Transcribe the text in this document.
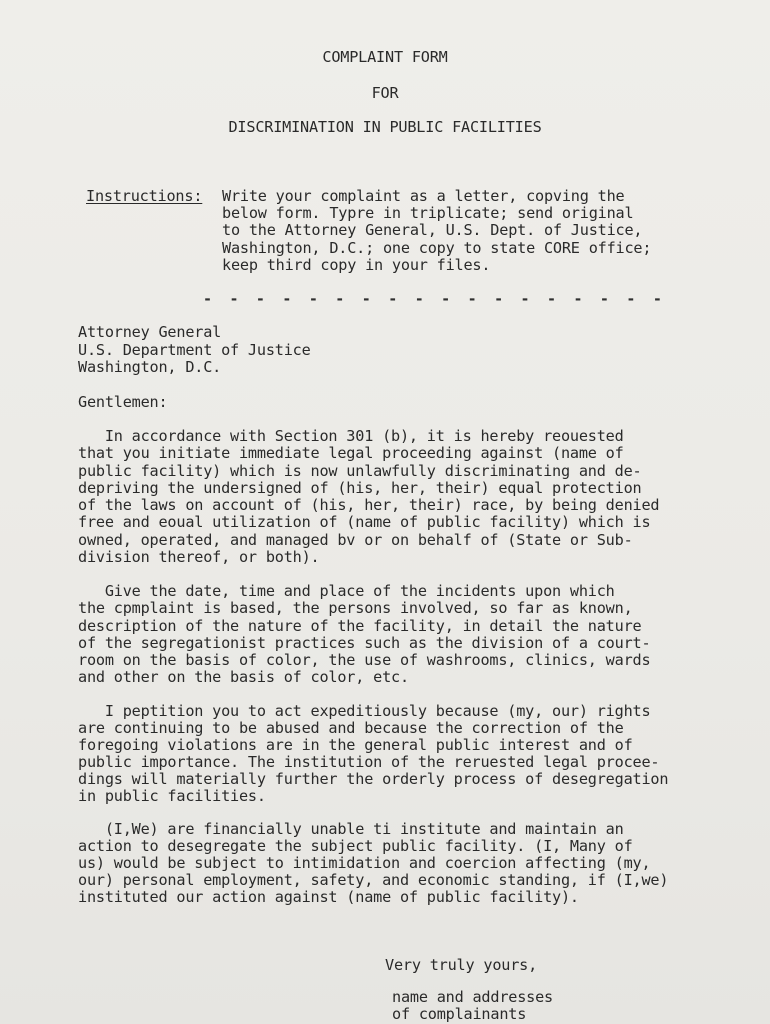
COMPLAINT FORM
FOR
DISCRIMINATION IN PUBLIC FACILITIES
Instructions: Write your complaint as a letter, copving the
below form. Typre in triplicate; send original
to the Attorney General, U.S. Dept. of Justice,
Washington, D.C.; one copy to state CORE office;
keep third copy in your files.
- - - - - - - - - - - - - - - - - -
Attorney General
U.S. Department of Justice
Washington, D.C.
Gentlemen:
In accordance with Section 301 (b), it is hereby reouested
that you initiate immediate legal proceeding against (name of
public facility) which is now unlawfully discriminating and de-
depriving the undersigned of (his, her, their) equal protection
of the laws on account of (his, her, their) race, by being denied
free and eoual utilization of (name of public facility) which is
owned, operated, and managed bv or on behalf of (State or Sub-
division thereof, or both).
Give the date, time and place of the incidents upon which
the cpmplaint is based, the persons involved, so far as known,
description of the nature of the facility, in detail the nature
of the segregationist practices such as the division of a court-
room on the basis of color, the use of washrooms, clinics, wards
and other on the basis of color, etc.
I peptition you to act expeditiously because (my, our) rights
are continuing to be abused and because the correction of the
foregoing violations are in the general public interest and of
public importance. The institution of the reruested legal procee-
dings will materially further the orderly process of desegregation
in public facilities.
(I,We) are financially unable ti institute and maintain an
action to desegregate the subject public facility. (I, Many of
us) would be subject to intimidation and coercion affecting (my,
our) personal employment, safety, and economic standing, if (I,we)
instituted our action against (name of public facility).
Very truly yours,
name and addresses
of complainants
